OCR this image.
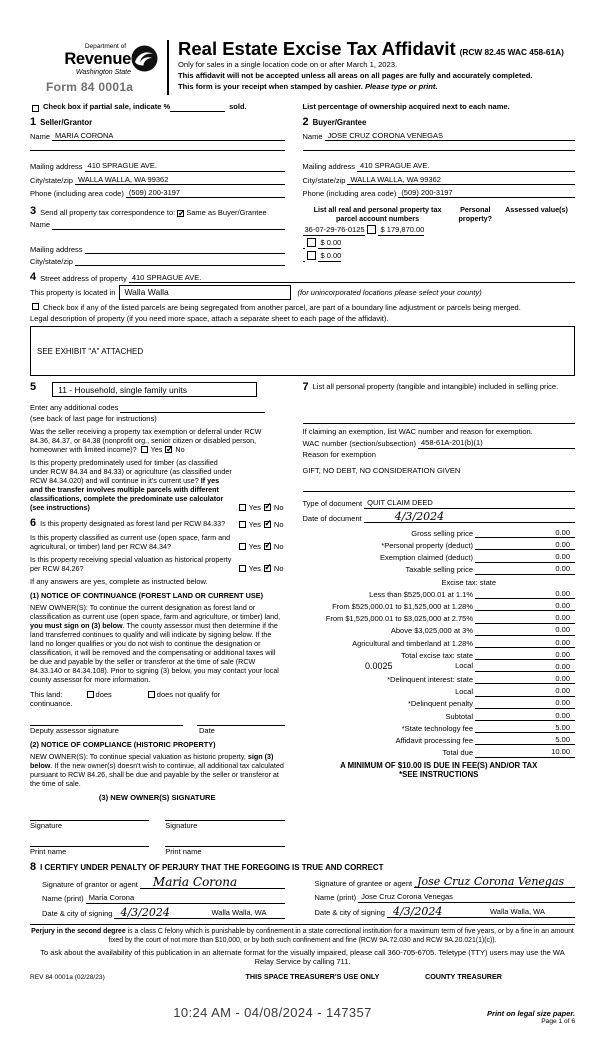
Department of
Revenue
Washington State
Form 84 0001a
Real Estate Excise Tax Affidavit (RCW 82.45 WAC 458-61A)
Only for sales in a single location code on or after March 1, 2023.
This affidavit will not be accepted unless all areas on all pages are fully and accurately completed.
This form is your receipt when stamped by cashier. Please type or print.
Check box if partial sale, indicate %	sold.	List percentage of ownership acquired next to each name.
1 Seller/Grantor
Name MARIA CORONA
Mailing address 410 SPRAGUE AVE.
City/state/zip WALLA WALLA, WA 99362
Phone (including area code) (509) 200-3197
2 Buyer/Grantee
Name JOSE CRUZ CORONA VENEGAS
Mailing address 410 SPRAGUE AVE.
City/state/zip WALLA WALLA, WA 99362
Phone (including area code) (509) 200-3197
3 Send all property tax correspondence to: ✓ Same as Buyer/Grantee
Name
Mailing address
City/state/zip
List all real and personal property tax parcel account numbers
Personal property?
Assessed value(s)
36-07-29-76-0125	$ 179,870.00
$ 0.00
$ 0.00
4 Street address of property 410 SPRAGUE AVE.
This property is located in	Walla Walla	(for unincorporated locations please select your county)
Check box if any of the listed parcels are being segregated from another parcel, are part of a boundary line adjustment or parcels being merged.
Legal description of property (if you need more space, attach a separate sheet to each page of the affidavit).
SEE EXHIBIT "A" ATTACHED
5	11 - Household, single family units
Enter any additional codes
(see back of last page for instructions)
Was the seller receiving a property tax exemption or deferral under RCW 84.36, 84.37, or 84.38 (nonprofit org., senior citizen or disabled person, homeowner with limited income)? Yes ✓ No
Is this property predominately used for timber (as classified under RCW 84.34 and 84.33) or agriculture (as classified under RCW 84.34.020) and will continue in it's current use? If yes and the transfer involves multiple parcels with different classifications, complete the predominate use calculator (see instructions)	Yes ✓ No
6 Is this property designated as forest land per RCW 84.33?	Yes ✓ No
Is this property classified as current use (open space, farm and agricultural, or timber) land per RCW 84.34?	Yes ✓ No
Is this property receiving special valuation as historical property per RCW 84.26?	Yes ✓ No
If any answers are yes, complete as instructed below.
(1) NOTICE OF CONTINUANCE (FOREST LAND OR CURRENT USE)
NEW OWNER(S): To continue the current designation as forest land or classification as current use (open space, farm and agriculture, or timber) land, you must sign on (3) below. The county assessor must then determine if the land transferred continues to qualify and will indicate by signing below. If the land no longer qualifies or you do not wish to continue the designation or classification, it will be removed and the compensating or additional taxes will be due and payable by the seller or transferor at the time of sale (RCW 84.33.140 or 84.34.108). Prior to signing (3) below, you may contact your local county assessor for more information.
This land:	does	does not qualify for
continuance.
Deputy assessor signature	Date
(2) NOTICE OF COMPLIANCE (HISTORIC PROPERTY)
NEW OWNER(S): To continue special valuation as historic property, sign (3) below. If the new owner(s) doesn't wish to continue, all additional tax calculated pursuant to RCW 84.26, shall be due and payable by the seller or transferor at the time of sale.
(3) NEW OWNER(S) SIGNATURE
Signature	Signature
Print name	Print name
7 List all personal property (tangible and intangible) included in selling price.
If claiming an exemption, list WAC number and reason for exemption.
WAC number (section/subsection) 458-61A-201(b)(1)
Reason for exemption
GIFT, NO DEBT, NO CONSIDERATION GIVEN
Type of document QUIT CLAIM DEED
Date of document	4/3/2024
Gross selling price	0.00
*Personal property (deduct)	0.00
Exemption claimed (deduct)	0.00
Taxable selling price	0.00
Excise tax: state
Less than $525,000.01 at 1.1%	0.00
From $525,000.01 to $1,525,000 at 1.28%	0.00
From $1,525,000.01 to $3,025,000 at 2.75%	0.00
Above $3,025,000 at 3%	0.00
Agricultural and timberland at 1.28%	0.00
Total excise tax: state	0.00
0.0025	Local	0.00
*Delinquent interest: state	0.00
Local	0.00
*Delinquent penalty	0.00
Subtotal	0.00
*State technology fee	5.00
Affidavit processing fee	5.00
Total due	10.00
A MINIMUM OF $10.00 IS DUE IN FEE(S) AND/OR TAX
*SEE INSTRUCTIONS
8 I CERTIFY UNDER PENALTY OF PERJURY THAT THE FOREGOING IS TRUE AND CORRECT
Signature of grantor or agent	Maria Corona
Name (print) Maria Corona
Date & city of signing 4/3/2024	Walla Walla, WA
Signature of grantee or agent Jose Cruz Corona Venegas
Name (print) Jose Cruz Corona Venegas
Date & city of signing 4/3/2024	Walla Walla, WA
Perjury in the second degree is a class C felony which is punishable by confinement in a state correctional institution for a maximum term of five years, or by a fine in an amount fixed by the court of not more than $10,000, or by both such confinement and fine (RCW 9A.72.030 and RCW 9A.20.021(1)(c)).
To ask about the availability of this publication in an alternate format for the visually impaired, please call 360-705-6705. Teletype (TTY) users may use the WA Relay Service by calling 711.
REV 84 0001a (02/28/23)	THIS SPACE TREASURER'S USE ONLY	COUNTY TREASURER
10:24 AM - 04/08/2024 - 147357	Print on legal size paper.
Page 1 of 6
